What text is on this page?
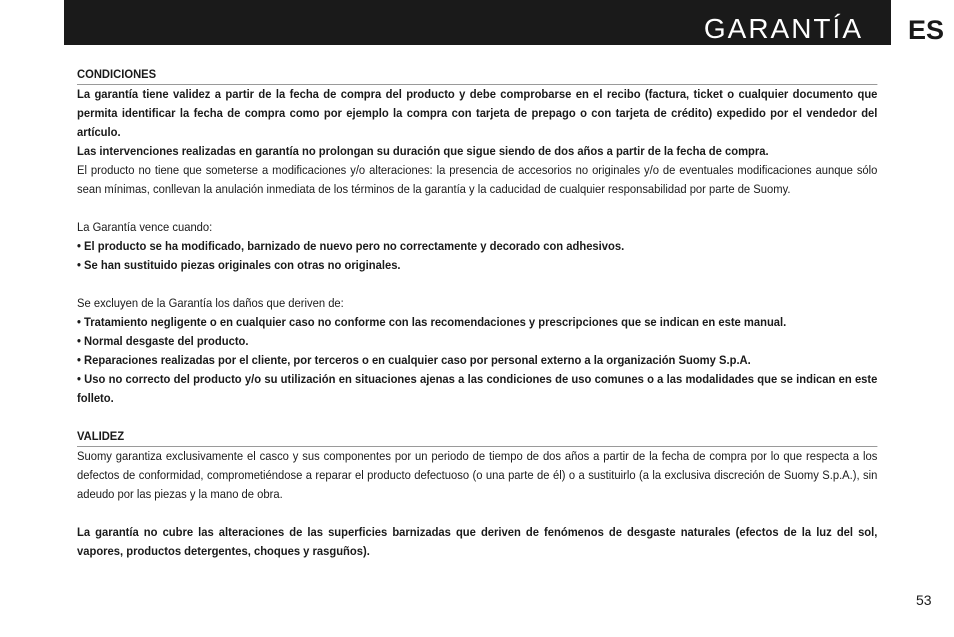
GARANTÍA ES
CONDICIONES

La garantía tiene validez a partir de la fecha de compra del producto y debe comprobarse en el recibo (factura, ticket o cualquier documento que permita identificar la fecha de compra como por ejemplo la compra con tarjeta de prepago o con tarjeta de crédito) expedido por el vendedor del artículo.

Las intervenciones realizadas en garantía no prolongan su duración que sigue siendo de dos años a partir de la fecha de compra.

El producto no tiene que someterse a modificaciones y/o alteraciones: la presencia de accesorios no originales y/o de eventuales modificaciones aunque sólo sean mínimas, conllevan la anulación inmediata de los términos de la garantía y la caducidad de cualquier responsabilidad por parte de Suomy.

La Garantía vence cuando:

• El producto se ha modificado, barnizado de nuevo pero no correctamente y decorado con adhesivos.

• Se han sustituido piezas originales con otras no originales.

Se excluyen de la Garantía los daños que deriven de:

• Tratamiento negligente o en cualquier caso no conforme con las recomendaciones y prescripciones que se indican en este manual.

• Normal desgaste del producto.

• Reparaciones realizadas por el cliente, por terceros o en cualquier caso por personal externo a la organización Suomy S.p.A.

• Uso no correcto del producto y/o su utilización en situaciones ajenas a las condiciones de uso comunes o a las modalidades que se indican en este folleto.

VALIDEZ

Suomy garantiza exclusivamente el casco y sus componentes por un periodo de tiempo de dos años a partir de la fecha de compra por lo que respecta a los defectos de conformidad, comprometiéndose a reparar el producto defectuoso (o una parte de él) o a sustituirlo (a la exclusiva discreción de Suomy S.p.A.), sin adeudo por las piezas y la mano de obra.

La garantía no cubre las alteraciones de las superficies barnizadas que deriven de fenómenos de desgaste naturales (efectos de la luz del sol, vapores, productos detergentes, choques y rasguños).

53
